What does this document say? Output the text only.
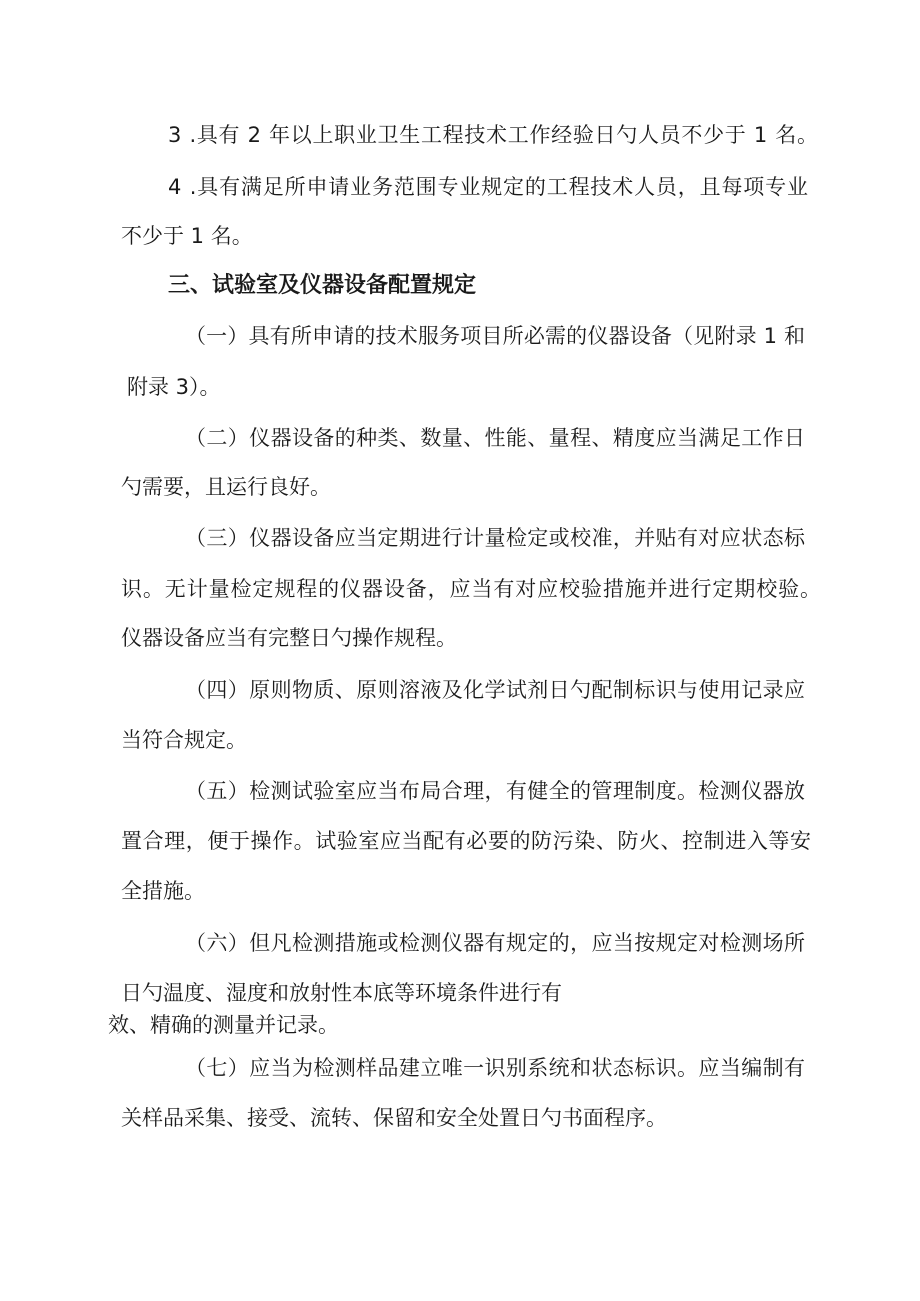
3 .具有 2 年以上职业卫生工程技术工作经验日勺人员不少于 1 名。
4 .具有满足所申请业务范围专业规定的工程技术人员，且每项专业
不少于 1 名。
三、试验室及仪器设备配置规定
（一）具有所申请的技术服务项目所必需的仪器设备（见附录 1 和
附录 3）。
（二）仪器设备的种类、数量、性能、量程、精度应当满足工作日
勺需要，且运行良好。
（三）仪器设备应当定期进行计量检定或校准，并贴有对应状态标
识。无计量检定规程的仪器设备，应当有对应校验措施并进行定期校验。
仪器设备应当有完整日勺操作规程。
（四）原则物质、原则溶液及化学试剂日勺配制标识与使用记录应
当符合规定。
（五）检测试验室应当布局合理，有健全的管理制度。检测仪器放
置合理，便于操作。试验室应当配有必要的防污染、防火、控制进入等安
全措施。
（六）但凡检测措施或检测仪器有规定的，应当按规定对检测场所
日勺温度、湿度和放射性本底等环境条件进行有
效、精确的测量并记录。
（七）应当为检测样品建立唯一识别系统和状态标识。应当编制有
关样品采集、接受、流转、保留和安全处置日勺书面程序。
